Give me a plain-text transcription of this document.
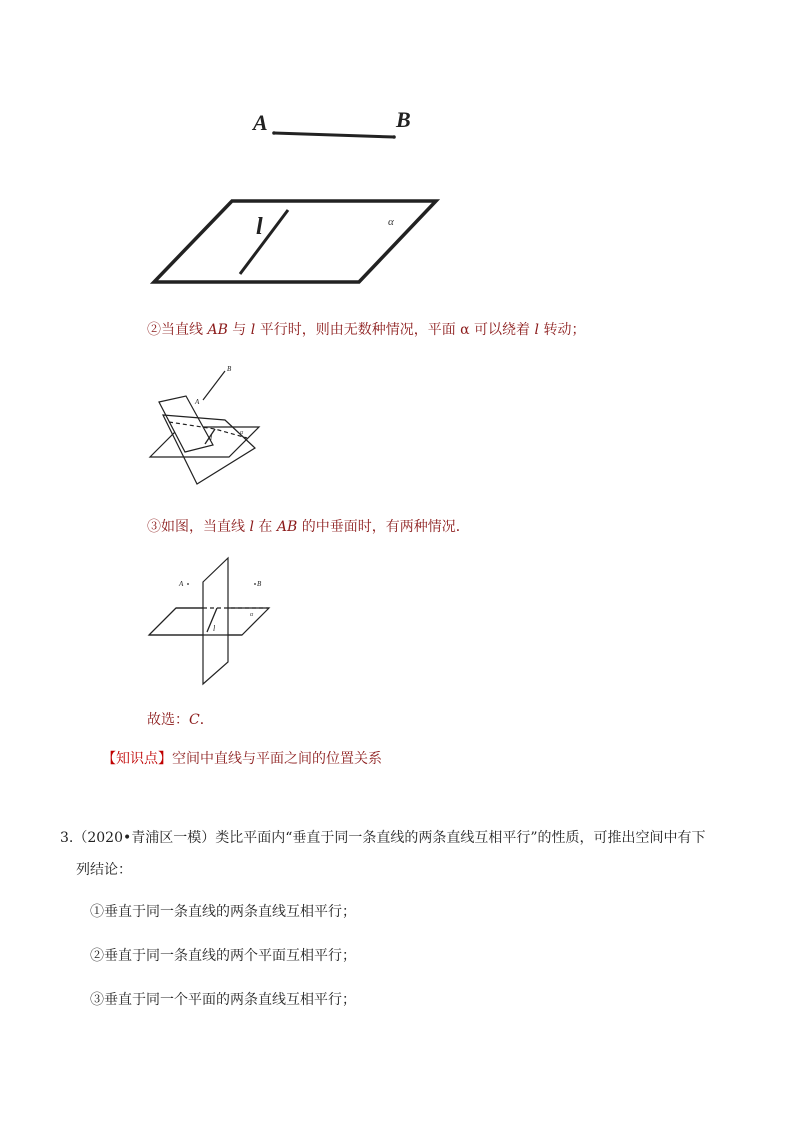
A	B
l	α
②当直线 AB 与 l 平行时，则由无数种情况，平面 α 可以绕着 l 转动；
B
A
l	α
③如图，当直线 l 在 AB 的中垂面时，有两种情况．
l
A	B
α
故选：C．
【知识点】空间中直线与平面之间的位置关系
3.（2020•青浦区一模）类比平面内“垂直于同一条直线的两条直线互相平行”的性质，可推出空间中有下
列结论：
①垂直于同一条直线的两条直线互相平行；
②垂直于同一条直线的两个平面互相平行；
③垂直于同一个平面的两条直线互相平行；
